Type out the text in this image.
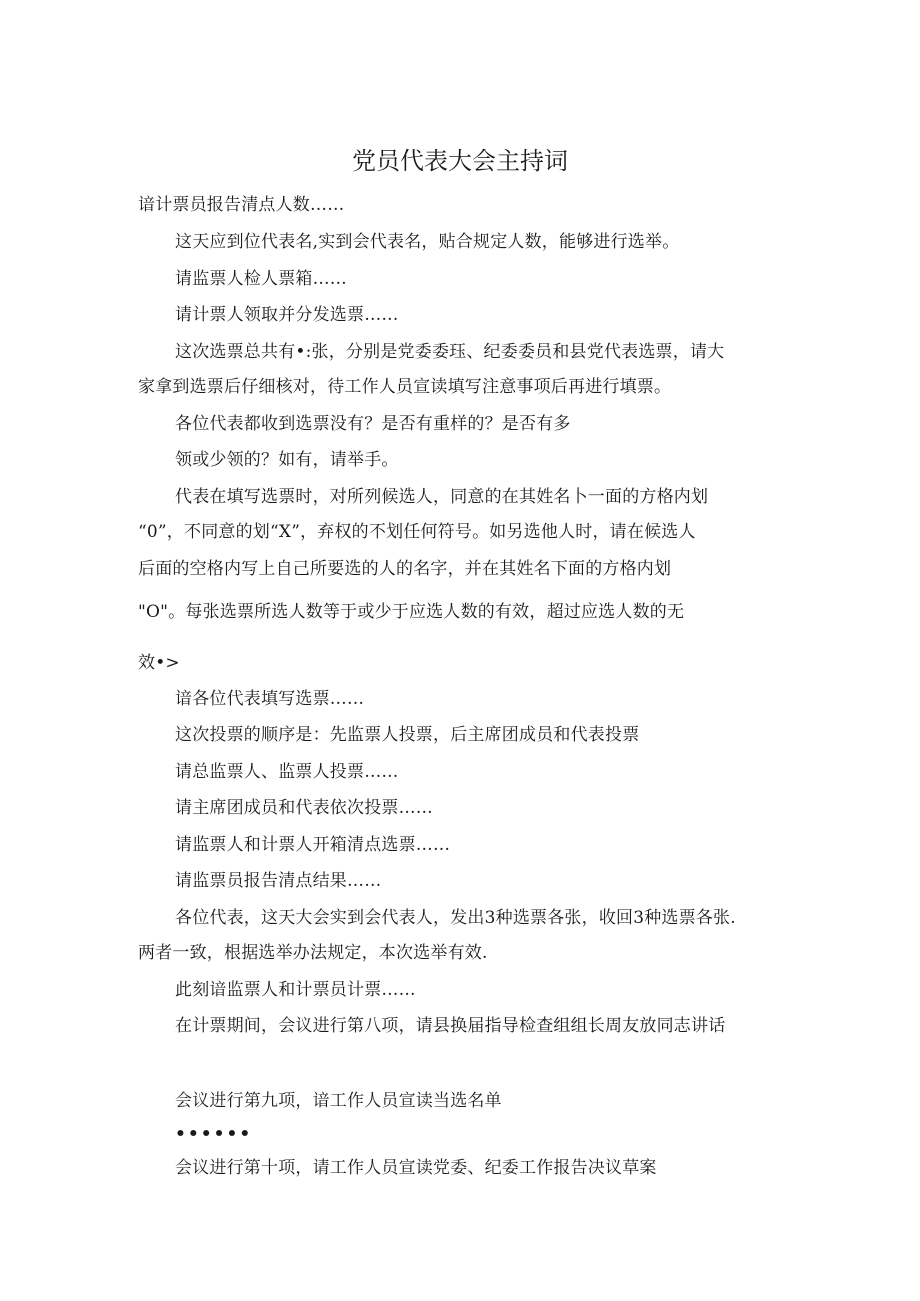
党员代表大会主持词
谙计票员报告清点人数……
这天应到位代表名,实到会代表名，贴合规定人数，能够进行选举。
请监票人检人票箱……
请计票人领取并分发选票……
这次选票总共有•:张，分别是党委委珏、纪委委员和县党代表选票，请大
家拿到选票后仔细核对，待工作人员宣读填写注意事项后再进行填票。
各位代表都收到选票没有？是否有重样的？是否有多
领或少领的？如有，请举手。
代表在填写选票时，对所列候选人，同意的在其姓名卜一面的方格内划
“0”，不同意的划“X”，弃权的不划任何符号。如另选他人时，请在候选人
后面的空格内写上自己所要选的人的名字，并在其姓名下面的方格内划
"O"。每张选票所选人数等于或少于应选人数的有效，超过应选人数的无
效•>
谙各位代表填写选票……
这次投票的顺序是：先监票人投票，后主席团成员和代表投票
请总监票人、监票人投票……
请主席团成员和代表依次投票……
请监票人和计票人开箱清点选票……
请监票员报告清点结果……
各位代表，这天大会实到会代表人，发出3种选票各张，收回3种选票各张.
两者一致，根据选举办法规定，本次选举有效.
此刻谙监票人和计票员计票……
在计票期间，会议进行第八项，请县换届指导检查组组长周友放同志讲话
会议进行第九项，谙工作人员宣读当选名单
••••••
会议进行第十项，请工作人员宣读党委、纪委工作报告决议草案
